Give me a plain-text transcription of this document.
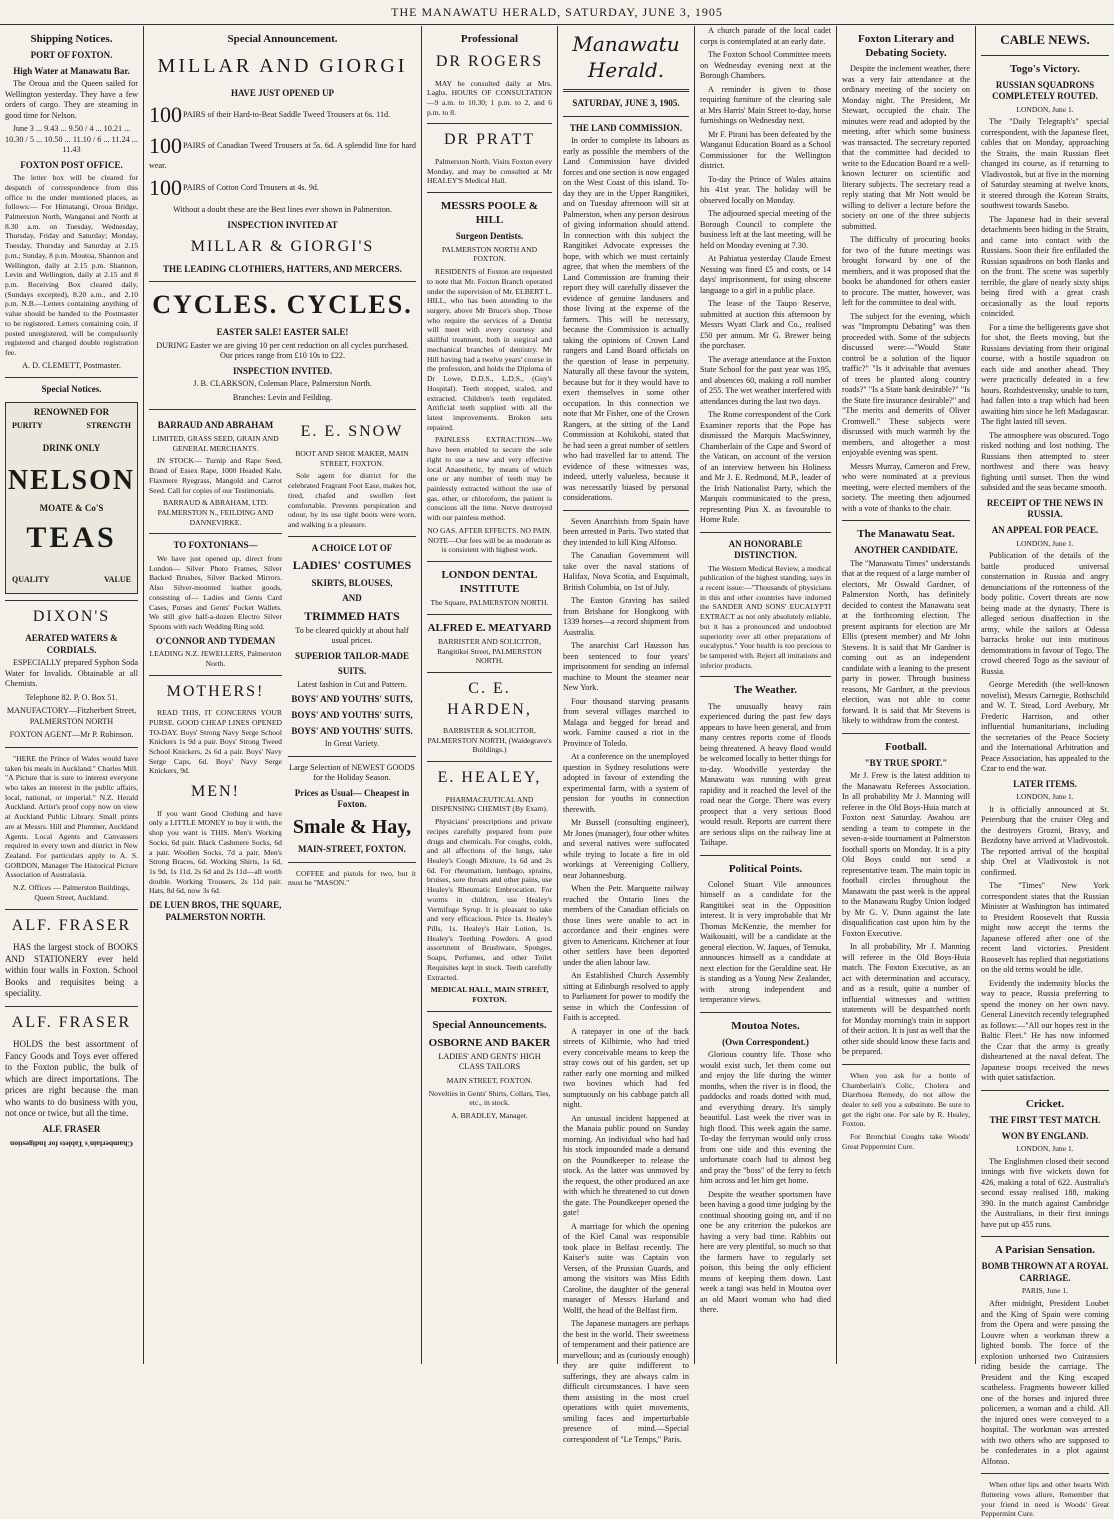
THE MANAWATU HERALD, SATURDAY, JUNE 3, 1905
Shipping Notices.
PORT OF FOXTON.
High Water at Manawatu Bar.

The Oroua and the Queen sailed for Wellington yesterday. They have a few orders of cargo. They are steaming in good time for Nelson.

June 3 ... 9.43 ... 9.50 / 4 ... 10.21 ... 10.30 / 5 ... 10.50 ... 11.10 / 6 ... 11.24 ... 11.43

FOXTON POST OFFICE.

The letter box will be cleared for despatch of correspondence from this office to the under mentioned places, as follows:— For Himatangi, Oroua Bridge, Palmerston North, Wanganui and North at 8.30 a.m. on Tuesday, Wednesday, Thursday, Friday and Saturday; Monday, Tuesday, Thursday and Saturday at 2.15 p.m.; Sunday, 8 p.m. Moutoa, Shannon and Wellington, daily at 2.15 p.m. Shannon, Levin and Wellington, daily at 2.15 and 8 p.m. Receiving Box cleared daily, (Sundays excepted), 8.20 a.m., and 2.10 p.m. N.B.—Letters containing anything of value should be handed to the Postmaster to be registered. Letters containing coin, if posted unregistered, will be compulsorily registered and charged double registration fee.

A. D. CLEMETT, Postmaster.

Special Notices.
RENOWNED FOR
PURITY	STRENGTH
DRINK ONLY
NELSON
MOATE & Co'S
TEAS
QUALITY	VALUE
DIXON'S
AERATED WATERS & CORDIALS.

ESPECIALLY prepared Syphon Soda Water for Invalids. Obtainable at all Chemists.

Telephone 82. P. O. Box 51.

MANUFACTORY—Fitzherbert Street, PALMERSTON NORTH

FOXTON AGENT—Mr P. Robinson.

"HERE the Prince of Wales would have taken his meals in Auckland." Charles Mill. "A Picture that is sure to interest everyone who takes an interest in the public affairs, local, national, or imperial." N.Z. Herald Auckland. Artist's proof copy now on view at Auckland Public Library. Small prints are at Messrs. Hill and Plummer, Auckland Agents. Local Agents and Canvassers required in every town and district in New Zealand. For particulars apply to A. S. GORDON, Manager The Historical Picture Association of Australasia.

N.Z. Offices — Palmerston Buildings, Queen Street, Auckland.

ALF. FRASER

HAS the largest stock of BOOKS AND STATIONERY ever held within four walls in Foxton. School Books and requisites being a speciality.

ALF. FRASER

HOLDS the best assortment of Fancy Goods and Toys ever offered to the Foxton public, the bulk of which are direct importations. The prices are right because the man who wants to do business with you, not once or twice, but all the time.

ALF. FRASER
Chamberlain's Tablets for Indigestion
Special Announcement.
MILLAR AND GIORGI
HAVE JUST OPENED UP

100PAIRS of their Hard-to-Beat Saddle Tweed Trousers at 6s. 11d.

100PAIRS of Canadian Tweed Trousers at 5s. 6d. A splendid line for hard wear.

100PAIRS of Cotton Cord Trousers at 4s. 9d.

Without a doubt these are the Best lines ever shown in Palmerston.

INSPECTION INVITED AT
MILLAR & GIORGI'S
THE LEADING CLOTHIERS, HATTERS, AND MERCERS.
CYCLES. CYCLES.
EASTER SALE! EASTER SALE!

DURING Easter we are giving 10 per cent reduction on all cycles purchased. Our prices range from £10 10s to £22.

INSPECTION INVITED.

J. B. CLARKSON, Coleman Place, Palmerston North.

Branches: Levin and Feilding.

BARRAUD AND ABRAHAM

LIMITED, GRASS SEED, GRAIN AND GENERAL MERCHANTS.

IN STOCK— Turnip and Rape Seed, Brand of Essex Rape, 1000 Headed Kale, Flaxmere Ryegrass, Mangold and Carrot Seed. Call for copies of our Testimonials.

BARRAUD & ABRAHAM, LTD. PALMERSTON N., FEILDING AND DANNEVIRKE.

TO FOXTONIANS—

We have just opened up, direct from London— Silver Photo Frames, Silver Backed Brushes, Silver Backed Mirrors. Also Silver-mounted leather goods, consisting of— Ladies and Gents Card Cases, Purses and Gents' Pocket Wallets. We still give half-a-dozen Electro Silver Spoons with each Wedding Ring sold.

O'CONNOR AND TYDEMAN

LEADING N.Z. JEWELLERS, Palmerston North.

MOTHERS!

READ THIS, IT CONCERNS YOUR PURSE. GOOD CHEAP LINES OPENED TO-DAY. Boys' Strong Navy Serge School Knickers 1s 9d a pair. Boys' Strong Tweed School Knickers, 2s 6d a pair. Boys' Navy Serge Caps, 6d. Boys' Navy Serge Knickers, 9d.

MEN!

If you want Good Clothing and have only a LITTLE MONEY to buy it with, the shop you want is THIS. Men's Working Socks, 6d pair. Black Cashmere Socks, 6d a pair. Woollen Socks, 7d a pair. Men's Strong Braces, 6d. Working Shirts, 1s 6d, 1s 9d, 1s 11d, 2s 6d and 2s 11d—all worth double. Working Trousers, 2s 11d pair. Hats, 8d 6d, now 3s 6d.

DE LUEN BROS, THE SQUARE, PALMERSTON NORTH.
E. E. SNOW

BOOT AND SHOE MAKER, MAIN STREET, FOXTON.

Sole agent for district for the celebrated Fragrant Foot Ease, makes hot, tired, chafed and swollen feet comfortable. Prevents perspiration and odour, by its use tight boots were worn, and walking is a pleasure.

A CHOICE LOT OF
LADIES' COSTUMES
SKIRTS, BLOUSES,
AND
TRIMMED HATS

To be cleared quickly at about half usual prices.

SUPERIOR TAILOR-MADE
SUITS.

Latest fashion in Cut and Pattern.

BOYS' AND YOUTHS' SUITS,
BOYS' AND YOUTHS' SUITS,
BOYS' AND YOUTHS' SUITS.

In Great Variety.

Large Selection of NEWEST GOODS for the Holiday Season.

Prices as Usual— Cheapest in Foxton.
Smale & Hay,
MAIN-STREET, FOXTON.

COFFEE and pistols for two, but it must be "MASON."

Professional
DR ROGERS

MAY be consulted daily at Mrs. Laghs. HOURS OF CONSULTATION—9 a.m. to 10.30; 1 p.m. to 2, and 6 p.m. to 8.

DR PRATT

Palmerston North. Visits Foxton every Monday, and may be consulted at Mr HEALEY'S Medical Hall.

MESSRS POOLE & HILL
Surgeon Dentists.

PALMERSTON NORTH AND FOXTON.

RESIDENTS of Foxton are requested to note that Mr. Foxton Branch operated under the supervision of Mr. ELBERT L. HILL, who has been attending to the surgery, above Mr Bruce's shop. Those who require the services of a Dentist will meet with every courtesy and skillful treatment, both in surgical and mechanical branches of dentistry. Mr Hill having had a twelve years' course in the profession, and holds the Diploma of Dr Lowe, D.D.S., L.D.S., (Guy's Hospital). Teeth stopped, scaled, and extracted. Children's teeth regulated. Artificial teeth supplied with all the latest improvements. Broken sets repaired.

PAINLESS EXTRACTION—We have been enabled to secure the sole right to use a new and very effective local Anaesthetic, by means of which one or any number of teeth may be painlessly extracted without the use of gas, ether, or chloroform, the patient is conscious all the time. Nerve destroyed with our painless method.

NO GAS. AFTER EFFECTS. NO PAIN. NOTE—Our fees will be as moderate as is consistent with highest work.

LONDON DENTAL INSTITUTE

The Square, PALMERSTON NORTH.

ALFRED E. MEATYARD

BARRISTER AND SOLICITOR, Rangitikei Street, PALMERSTON NORTH.

C. E. HARDEN,

BARRISTER & SOLICITOR, PALMERSTON NORTH, (Waldegrave's Buildings.)

E. HEALEY,

PHARMACEUTICAL AND DISPENSING CHEMIST (By Exam).

Physicians' prescriptions and private recipes carefully prepared from pure drugs and chemicals. For coughs, colds, and all affections of the lungs, take Healey's Cough Mixture, 1s 6d and 2s 6d. For rheumatism, lumbago, sprains, bruises, sore throats and other pains, use Healey's Rheumatic Embrocation. For worms in children, use Healey's Vermifuge Syrup. It is pleasant to take and very efficacious. Price 1s. Healey's Pills, 1s. Healey's Hair Lotion, 1s. Healey's Teething Powders. A good assortment of Brushware, Sponges, Soaps, Perfumes, and other Toilet Requisites kept in stock. Teeth carefully Extracted.

MEDICAL HALL, MAIN STREET, FOXTON.

Special Announcements.
OSBORNE AND BAKER

LADIES' AND GENTS' HIGH CLASS TAILORS

MAIN STREET, FOXTON.

Novelties in Gents' Shirts, Collars, Ties, etc., in stock.

A. BRADLEY, Manager.

Manawatu Herald.
SATURDAY, JUNE 3, 1905.
THE LAND COMMISSION.

In order to complete its labours as early as possible the members of the Land Commission have divided forces and one section is now engaged on the West Coast of this island. To-day they are in the Upper Rangitikei, and on Tuesday afternoon will sit at Palmerston, when any person desirous of giving information should attend. In connection with this subject the Rangitikei Advocate expresses the hope, with which we must certainly agree, that when the members of the Land Commission are framing their report they will carefully dissever the evidence of genuine landusers and those living at the expense of the farmers. This will be necessary, because the Commission is actually taking the opinions of Crown Land rangers and Land Board officials on the question of lease in perpetuity. Naturally all these favour the system, because but for it they would have to exert themselves in some other occupation. In this connection we note that Mr Fisher, one of the Crown Rangers, at the sitting of the Land Commission at Kohikohi, stated that he had seen a great number of settlers who had travelled far to attend. The evidence of these witnesses was, indeed, utterly valueless, because it was necessarily biased by personal considerations.

Seven Anarchists from Spain have been arrested in Paris. Two stated that they intended to kill King Alfonso.

The Canadian Government will take over the naval stations of Halifax, Nova Scotia, and Esquimalt, British Columbia, on 1st of July.

The Euston Graving has sailed from Brisbane for Hongkong with 1339 horses—a record shipment from Australia.

The anarchist Carl Hausson has been sentenced to four years' imprisonment for sending an infernal machine to Mount the steamer near New York.

Four thousand starving peasants from several villages marched to Malaga and begged for bread and work. Famine caused a riot in the Province of Toledo.

At a conference on the unemployed question in Sydney resolutions were adopted in favour of extending the experimental farm, with a system of pension for youths in connection therewith.

Mr Bussell (consulting engineer), Mr Jones (manager), four other whites and several natives were suffocated while trying to locate a fire in old workings at Vereeniging Colliery, near Johannesburg.

When the Petr. Marquette railway reached the Ontario lines the members of the Canadian officials on those lines were unable to act in accordance and their engines were given to Americans. Kitchener at four other settlers have been deported under the alien labour law.

An Established Church Assembly sitting at Edinburgh resolved to apply to Parliament for power to modify the sense in which the Confession of Faith is accepted.

A ratepayer in one of the back streets of Kilbirnie, who had tried every conceivable means to keep the stray cows out of his garden, set up rather early one morning and milked two bovines which had fed sumptuously on his cabbage patch all night.

An unusual incident happened at the Manaia public pound on Sunday morning. An individual who had had his stock impounded made a demand on the Poundkeeper to release the stock. As the latter was unmoved by the request, the other produced an axe with which he threatened to cut down the gate. The Poundkeeper opened the gate!

A marriage for which the opening of the Kiel Canal was responsible took place in Belfast recently. The Kaiser's suite was Captain von Versen, of the Prussian Guards, and among the visitors was Miss Edith Caroline, the daughter of the general manager of Messrs Harland and Wolff, the head of the Belfast firm.

The Japanese managers are perhaps the best in the world. Their sweetness of temperament and their patience are marvellous; and as (curiously enough) they are quite indifferent to sufferings, they are always calm in difficult circumstances. I have seen them assisting in the most cruel operations with quiet movements, smiling faces and imperturbable presence of mind.—Special correspondent of "Le Temps," Paris.

A church parade of the local cadet corps is contemplated at an early date.

The Foxton School Committee meets on Wednesday evening next at the Borough Chambers.

A reminder is given to those requiring furniture of the clearing sale at Mrs Harris' Main Street to-day, horse furnishings on Wednesday next.

Mr F. Pirani has been defeated by the Wanganui Education Board as a School Commissioner for the Wellington district.

To-day the Prince of Wales attains his 41st year. The holiday will be observed locally on Monday.

The adjourned special meeting of the Borough Council to complete the business left at the last meeting, will be held on Monday evening at 7.30.

At Pahiatua yesterday Claude Ernest Nessing was fined £5 and costs, or 14 days' imprisonment, for using obscene language to a girl in a public place.

The lease of the Taupo Reserve, submitted at auction this afternoon by Messrs Wyatt Clark and Co., realised £50 per annum. Mr G. Brewer being the purchaser.

The average attendance at the Foxton State School for the past year was 195, and absences 60, making a roll number of 255. The wet weather interfered with attendances during the last two days.

The Rome correspondent of the Cork Examiner reports that the Pope has dismissed the Marquis MacSwinney, Chamberlain of the Cape and Sword of the Vatican, on account of the version of an interview between his Holiness and Mr J. E. Redmond, M.P., leader of the Irish Nationalist Party, which the Marquis communicated to the press, representing Pius X. as favourable to Home Rule.

AN HONORABLE DISTINCTION.

The Western Medical Review, a medical publication of the highest standing, says in a recent issue:—"Thousands of physicians in this and other countries have indorsed the SANDER AND SONS' EUCALYPTI EXTRACT as not only absolutely reliable, but it has a pronounced and undoubted superiority over all other preparations of eucalyptus." Your health is too precious to be tampered with. Reject all imitations and inferior products.

The Weather.

The unusually heavy rain experienced during the past few days appears to have been general, and from many centres reports come of floods being threatened. A heavy flood would be welcomed locally to better things for to-day. Woodville yesterday the Manawatu was running with great rapidity and it reached the level of the road near the Gorge. There was every prospect that a very serious flood would result. Reports are current there are serious slips on the railway line at Taihape.

Political Points.

Colonel Stuart Vile announces himself as a candidate for the Rangitikei seat in the Opposition interest. It is very improbable that Mr Thomas McKenzie, the member for Waikouaiti, will be a candidate at the general election. W. Jaques, of Temuka, announces himself as a candidate at next election for the Geraldine seat. He is standing as a Young New Zealander, with strong independent and temperance views.

Moutoa Notes.
(Own Correspondent.)

Glorious country life. Those who would exist such, let them come out and enjoy the life during the winter months, when the river is in flood, the paddocks and roads dotted with mud, and everything dreary. It's simply beautiful. Last week the river was in high flood. This week again the same. To-day the ferryman would only cross from one side and this evening the unfortunate coach had to almost beg and pray the "boss" of the ferry to fetch him across and let him get home.

Despite the weather sportsmen have been having a good time judging by the continual shooting going on, and if no one be any criterion the pukekos are having a very bad time. Rabbits out here are very plentiful, so much so that the farmers have to regularly set poison, this being the only efficient means of keeping them down. Last week a tangi was held in Moutoa over an old Maori woman who had died there.

Foxton Literary and Debating Society.

Despite the inclement weather, there was a very fair attendance at the ordinary meeting of the society on Monday night. The President, Mr Stewart, occupied the chair. The minutes were read and adopted by the meeting, after which some business was transacted. The secretary reported that the committee had decided to write to the Education Board re a well-known lecturer on scientific and literary subjects. The secretary read a reply stating that Mr Nott would be willing to deliver a lecture before the society on one of the three subjects submitted.

The difficulty of procuring books for two of the future meetings was brought forward by one of the members, and it was proposed that the books be abandoned for others easier to procure. The matter, however, was left for the committee to deal with.

The subject for the evening, which was "Impromptu Debating" was then proceeded with. Some of the subjects discussed were:—"Would State control be a solution of the liquor traffic?" "Is it advisable that avenues of trees be planted along country roads?" "Is a State bank desirable?" "Is the State fire insurance desirable?" and "The merits and demerits of Oliver Cromwell." These subjects were discussed with much warmth by the members, and altogether a most enjoyable evening was spent.

Messrs Murray, Cameron and Frew, who were nominated at a previous meeting, were elected members of the society. The meeting then adjourned with a vote of thanks to the chair.

The Manawatu Seat.
ANOTHER CANDIDATE.

The "Manawatu Times" understands that at the request of a large number of electors, Mr Oswald Gardner, of Palmerston North, has definitely decided to contest the Manawatu seat at the forthcoming election. The present aspirants for election are Mr Ellis (present member) and Mr John Stevens. It is said that Mr Gardner is coming out as an independent candidate with a leaning to the present party in power. Through business reasons, Mr Gardner, at the previous election, was not able to come forward. It is said that Mr Stevens is likely to withdraw from the contest.

Football.
"BY TRUE SPORT."

Mr J. Frew is the latest addition to the Manawatu Referees Association. In all probability Mr J. Manning will referee in the Old Boys-Huia match at Foxton next Saturday. Awahou are sending a team to compete in the seven-a-side tournament at Palmerston football sports on Monday. It is a pity Old Boys could not send a representative team. The main topic in football circles throughout the Manawatu the past week is the appeal to the Manawatu Rugby Union lodged by Mr G. V. Dunn against the late disqualification cast upon him by the Foxton Executive.

In all probability, Mr J. Manning will referee in the Old Boys-Huia match. The Foxton Executive, as an act with determination and accuracy, and as a result, quite a number of influential witnesses and written statements will be despatched north for Monday morning's train in support of their action. It is just as well that the other side should know these facts and be prepared.

When you ask for a bottle of Chamberlain's Colic, Cholera and Diarrhoea Remedy, do not allow the dealer to sell you a substitute. Be sure to get the right one. For sale by R. Healey, Foxton.

For Bronchial Coughs take Woods' Great Peppermint Cure.

CABLE NEWS.
Togo's Victory.
RUSSIAN SQUADRONS COMPLETELY ROUTED.

LONDON, June 1.

The "Daily Telegraph's" special correspondent, with the Japanese fleet, cables that on Monday, approaching the Straits, the main Russian fleet changed its course, as if returning to Vladivostok, but at five in the morning of Saturday steaming at twelve knots, it steered through the Korean Straits, southwest towards Sasebo.

The Japanese had in their several detachments been hiding in the Straits, and came into contact with the Russians. Soon their fire enfiladed the Russian squadrons on both flanks and on the front. The scene was superbly terrible, the glare of nearly sixty ships being fired with a great crash occasionally as the loud reports coincided.

For a time the belligerents gave shot for shot, the fleets moving, but the Russians deviating from their original course, with a hostile squadron on each side and another ahead. They were practically defeated in a few hours. Rozhdestvensky, unable to turn, had fallen into a trap which had been awaiting him since he left Madagascar. The fight lasted till seven.

The atmosphere was obscured. Togo risked nothing and lost nothing. The Russians then attempted to steer northwest and there was heavy fighting until sunset. Then the wind subsided and the seas became smooth.

RECEIPT OF THE NEWS IN RUSSIA.
AN APPEAL FOR PEACE.

LONDON, June 1.

Publication of the details of the battle produced universal consternation in Russia and angry denunciations of the rottenness of the body politic. Covert threats are now being made at the dynasty. There is alleged serious disaffection in the army, while the sailors at Odessa barracks broke out into mutinous demonstrations in favour of Togo. The crowd cheered Togo as the saviour of Russia.

George Meredith (the well-known novelist), Messrs Carnegie, Rothschild and W. T. Stead, Lord Avebury, Mr Frederic Harrison, and other influential humanitarians, including the secretaries of the Peace Society and the International Arbitration and Peace Association, has appealed to the Czar to end the war.

LATER ITEMS.

LONDON, June 1.

It is officially announced at St. Petersburg that the cruiser Oleg and the destroyers Grozni, Bravy, and Bezdotny have arrived at Vladivostok. The reported arrival of the hospital ship Orel at Vladivostok is not confirmed.

The "Times" New York correspondent states that the Russian Minister at Washington has intimated to President Roosevelt that Russia might now accept the terms the Japanese offered after one of the recent land victories. President Roosevelt has replied that negotiations on the old terms would be idle.

Evidently the indemnity blocks the way to peace, Russia preferring to spend the money on her own navy. General Linevitch recently telegraphed as follows:—"All our hopes rest in the Baltic Fleet." He has now informed the Czar that the army is greatly disheartened at the naval defeat. The Japanese troops received the news with quiet satisfaction.

Cricket.
THE FIRST TEST MATCH.
WON BY ENGLAND.

LONDON, June 1.

The Englishmen closed their second innings with five wickets down for 426, making a total of 622. Australia's second essay realised 188, making 390. In the match against Cambridge the Australians, in their first innings have put up 455 runs.

A Parisian Sensation.
BOMB THROWN AT A ROYAL CARRIAGE.

PARIS, June 1.

After midnight, President Loubet and the King of Spain were coming from the Opera and were passing the Louvre when a workman threw a lighted bomb. The force of the explosion unhorsed two Cuirassiers riding beside the carriage. The President and the King escaped scatheless. Fragments however killed one of the horses and injured three policemen, a woman and a child. All the injured ones were conveyed to a hospital. The workman was arrested with two others who are supposed to be confederates in a plot against Alfonso.

When other lips and other hearts With fluttering vows allure, Remember that your friend in need is Woods' Great Peppermint Cure.
